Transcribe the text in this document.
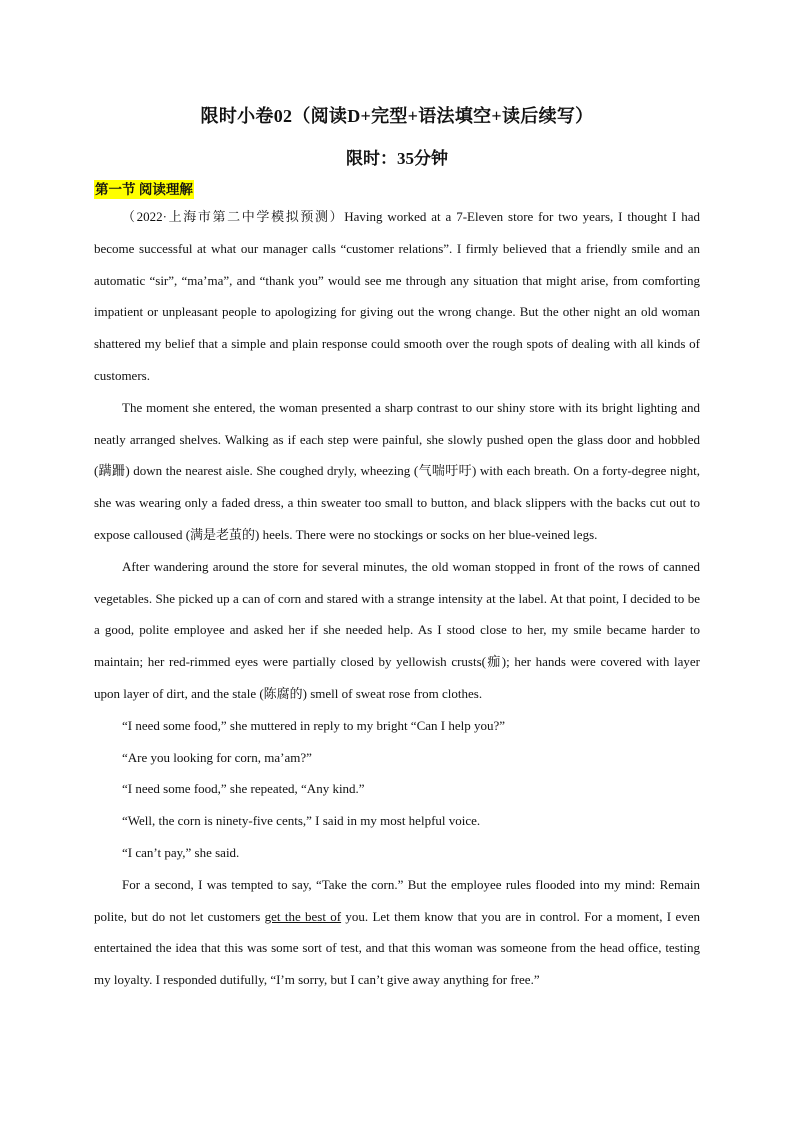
限时小卷02（阅读D+完型+语法填空+读后续写）
限时：35分钟
第一节 阅读理解

（2022·上海市第二中学模拟预测）Having worked at a 7-Eleven store for two years, I thought I had become successful at what our manager calls “customer relations”. I firmly believed that a friendly smile and an automatic “sir”, “ma’ma”, and “thank you” would see me through any situation that might arise, from comforting impatient or unpleasant people to apologizing for giving out the wrong change. But the other night an old woman shattered my belief that a simple and plain response could smooth over the rough spots of dealing with all kinds of customers.

The moment she entered, the woman presented a sharp contrast to our shiny store with its bright lighting and neatly arranged shelves. Walking as if each step were painful, she slowly pushed open the glass door and hobbled (蹒跚) down the nearest aisle. She coughed dryly, wheezing (气喘吁吁) with each breath. On a forty-degree night, she was wearing only a faded dress, a thin sweater too small to button, and black slippers with the backs cut out to expose calloused (满是老茧的) heels. There were no stockings or socks on her blue-veined legs.

After wandering around the store for several minutes, the old woman stopped in front of the rows of canned vegetables. She picked up a can of corn and stared with a strange intensity at the label. At that point, I decided to be a good, polite employee and asked her if she needed help. As I stood close to her, my smile became harder to maintain; her red-rimmed eyes were partially closed by yellowish crusts(痂); her hands were covered with layer upon layer of dirt, and the stale (陈腐的) smell of sweat rose from clothes.

“I need some food,” she muttered in reply to my bright “Can I help you?”

“Are you looking for corn, ma’am?”

“I need some food,” she repeated, “Any kind.”

“Well, the corn is ninety-five cents,” I said in my most helpful voice.

“I can’t pay,” she said.

For a second, I was tempted to say, “Take the corn.” But the employee rules flooded into my mind: Remain polite, but do not let customers get the best of you. Let them know that you are in control. For a moment, I even entertained the idea that this was some sort of test, and that this woman was someone from the head office, testing my loyalty. I responded dutifully, “I’m sorry, but I can’t give away anything for free.”
